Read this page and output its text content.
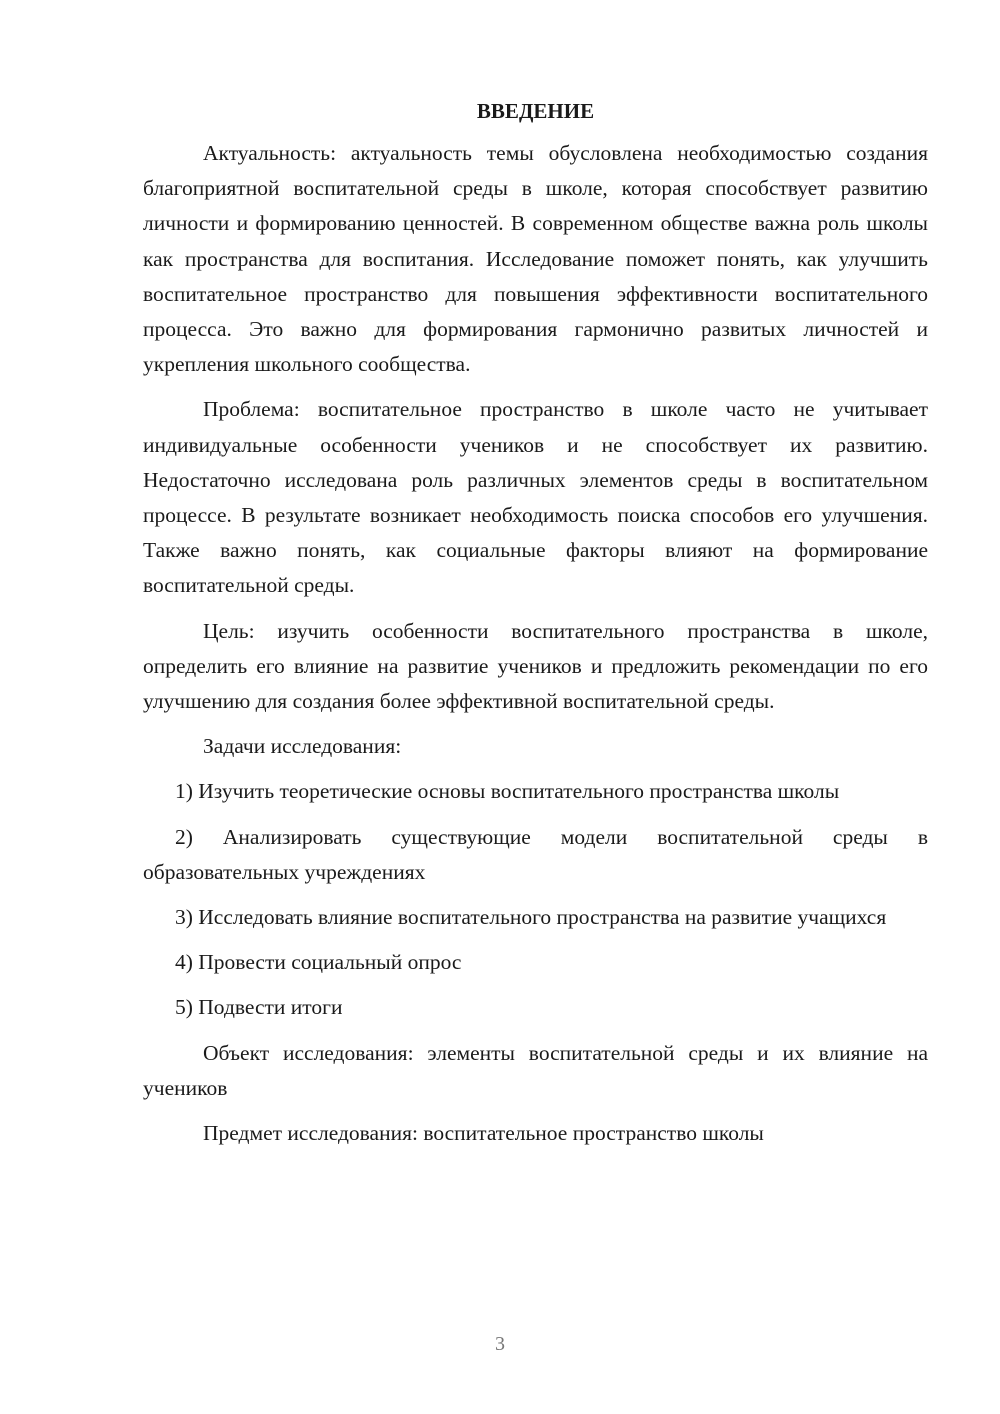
ВВЕДЕНИЕ

Актуальность: актуальность темы обусловлена необходимостью создания благоприятной воспитательной среды в школе, которая способствует развитию личности и формированию ценностей. В современном обществе важна роль школы как пространства для воспитания. Исследование поможет понять, как улучшить воспитательное пространство для повышения эффективности воспитательного процесса. Это важно для формирования гармонично развитых личностей и укрепления школьного сообщества.

Проблема: воспитательное пространство в школе часто не учитывает индивидуальные особенности учеников и не способствует их развитию. Недостаточно исследована роль различных элементов среды в воспитательном процессе. В результате возникает необходимость поиска способов его улучшения. Также важно понять, как социальные факторы влияют на формирование воспитательной среды.

Цель: изучить особенности воспитательного пространства в школе, определить его влияние на развитие учеников и предложить рекомендации по его улучшению для создания более эффективной воспитательной среды.

Задачи исследования:

1) Изучить теоретические основы воспитательного пространства школы

2) Анализировать существующие модели воспитательной среды в образовательных учреждениях

3) Исследовать влияние воспитательного пространства на развитие учащихся

4) Провести социальный опрос

5) Подвести итоги

Объект исследования: элементы воспитательной среды и их влияние на учеников

Предмет исследования: воспитательное пространство школы

3
